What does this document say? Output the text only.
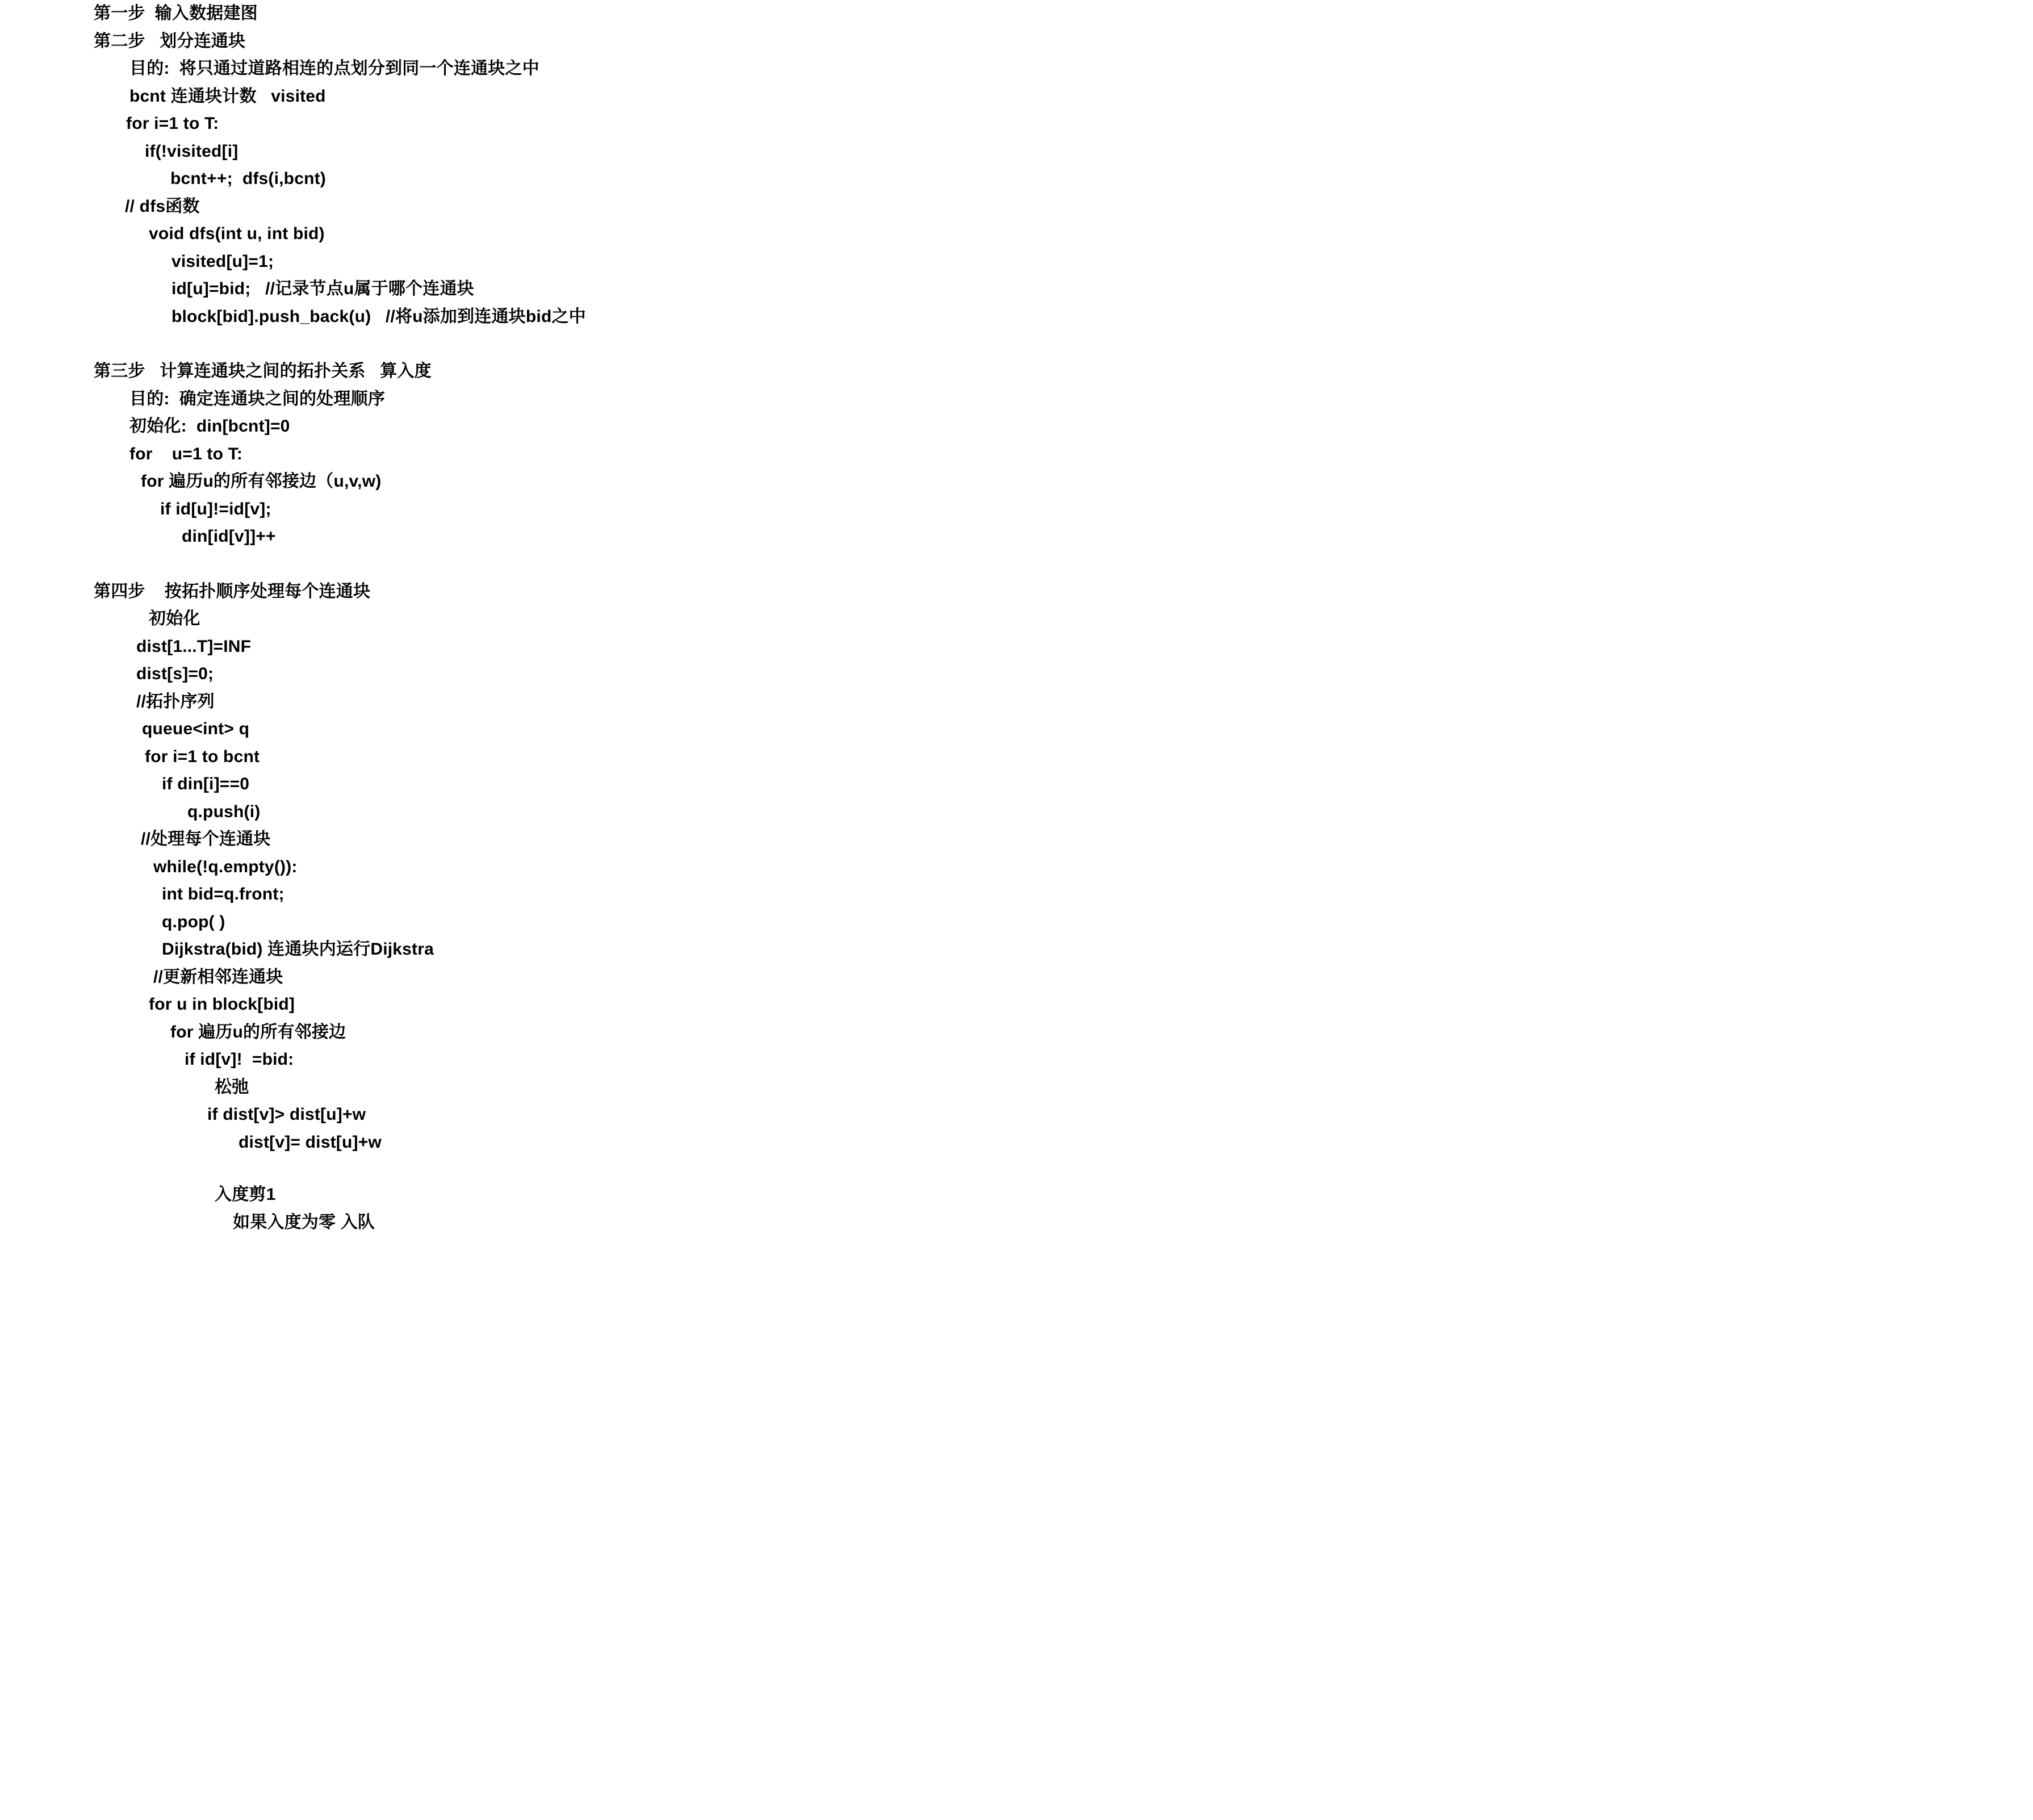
第一步  输入数据建图
第二步   划分连通块
目的:  将只通过道路相连的点划分到同一个连通块之中
bcnt 连通块计数   visited
for i=1 to T:
if(!visited[i]
bcnt++;  dfs(i,bcnt)
// dfs函数
void dfs(int u, int bid)
visited[u]=1;
id[u]=bid;   //记录节点u属于哪个连通块
block[bid].push_back(u)   //将u添加到连通块bid之中
第三步   计算连通块之间的拓扑关系   算入度
目的:  确定连通块之间的处理顺序
初始化:  din[bcnt]=0
for    u=1 to T:
for 遍历u的所有邻接边（u,v,w)
if id[u]!=id[v];
din[id[v]]++
第四步    按拓扑顺序处理每个连通块
初始化
dist[1...T]=INF
dist[s]=0;
//拓扑序列
queue<int> q
for i=1 to bcnt
if din[i]==0
q.push(i)
//处理每个连通块
while(!q.empty()):
int bid=q.front;
q.pop( )
Dijkstra(bid) 连通块内运行Dijkstra
//更新相邻连通块
for u in block[bid]
for 遍历u的所有邻接边
if id[v]!  =bid:
松弛
if dist[v]> dist[u]+w
dist[v]= dist[u]+w
入度剪1
如果入度为零 入队
